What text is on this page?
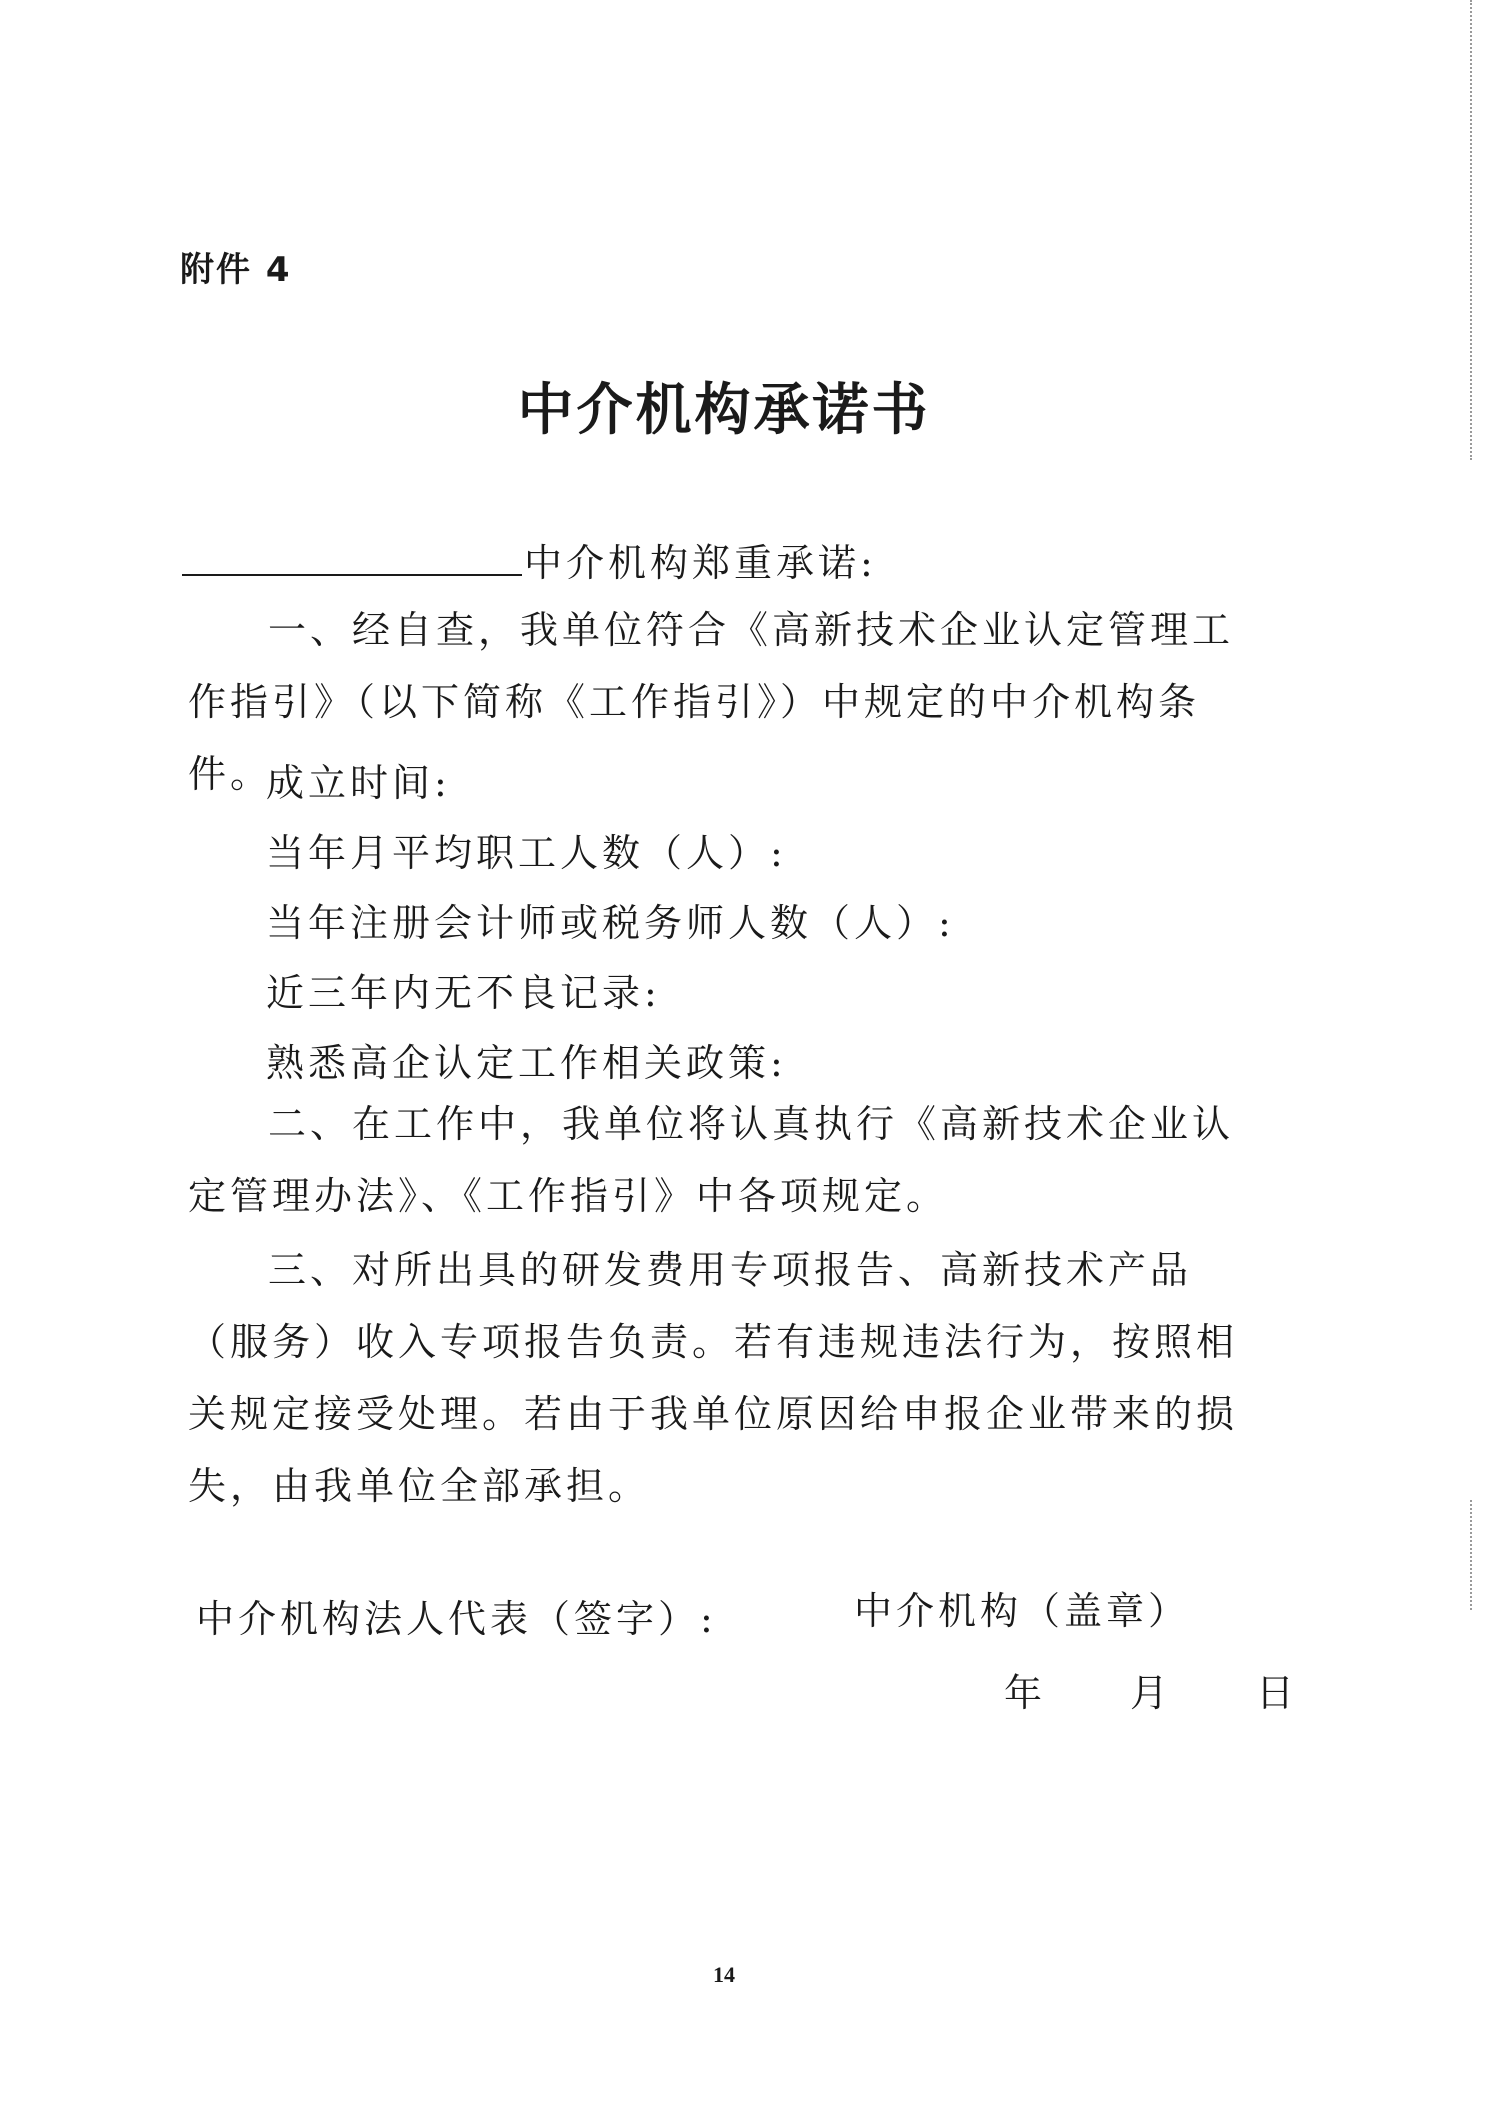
附件 4
中介机构承诺书
中介机构郑重承诺:

一、经自查，我单位符合《高新技术企业认定管理工作指引》（以下简称《工作指引》）中规定的中介机构条件。

成立时间:
当年月平均职工人数（人）:
当年注册会计师或税务师人数（人）:
近三年内无不良记录:
熟悉高企认定工作相关政策:

二、在工作中，我单位将认真执行《高新技术企业认定管理办法》、《工作指引》中各项规定。

三、对所出具的研发费用专项报告、高新技术产品（服务）收入专项报告负责。若有违规违法行为，按照相关规定接受处理。若由于我单位原因给申报企业带来的损失，由我单位全部承担。

中介机构法人代表（签字）:	中介机构（盖章）
年　　月　　日
14
